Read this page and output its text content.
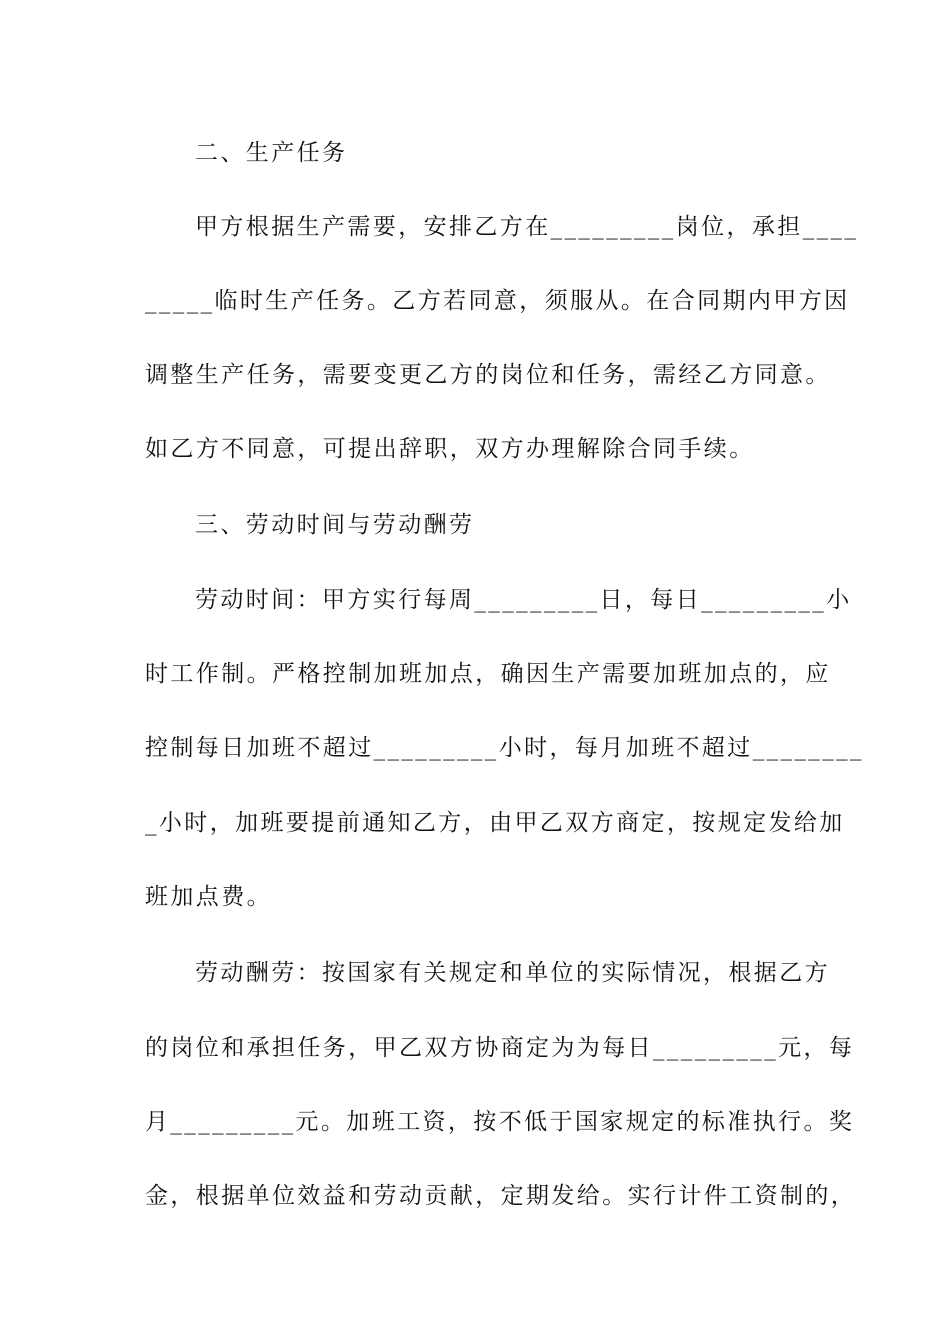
二、生产任务
甲方根据生产需要，安排乙方在_________岗位，承担____
_____临时生产任务。乙方若同意，须服从。在合同期内甲方因
调整生产任务，需要变更乙方的岗位和任务，需经乙方同意。
如乙方不同意，可提出辞职，双方办理解除合同手续。
三、劳动时间与劳动酬劳
劳动时间：甲方实行每周_________日，每日_________小
时工作制。严格控制加班加点，确因生产需要加班加点的，应
控制每日加班不超过_________小时，每月加班不超过________
_小时，加班要提前通知乙方，由甲乙双方商定，按规定发给加
班加点费。
劳动酬劳：按国家有关规定和单位的实际情况，根据乙方
的岗位和承担任务，甲乙双方协商定为为每日_________元，每
月_________元。加班工资，按不低于国家规定的标准执行。奖
金，根据单位效益和劳动贡献，定期发给。实行计件工资制的，
